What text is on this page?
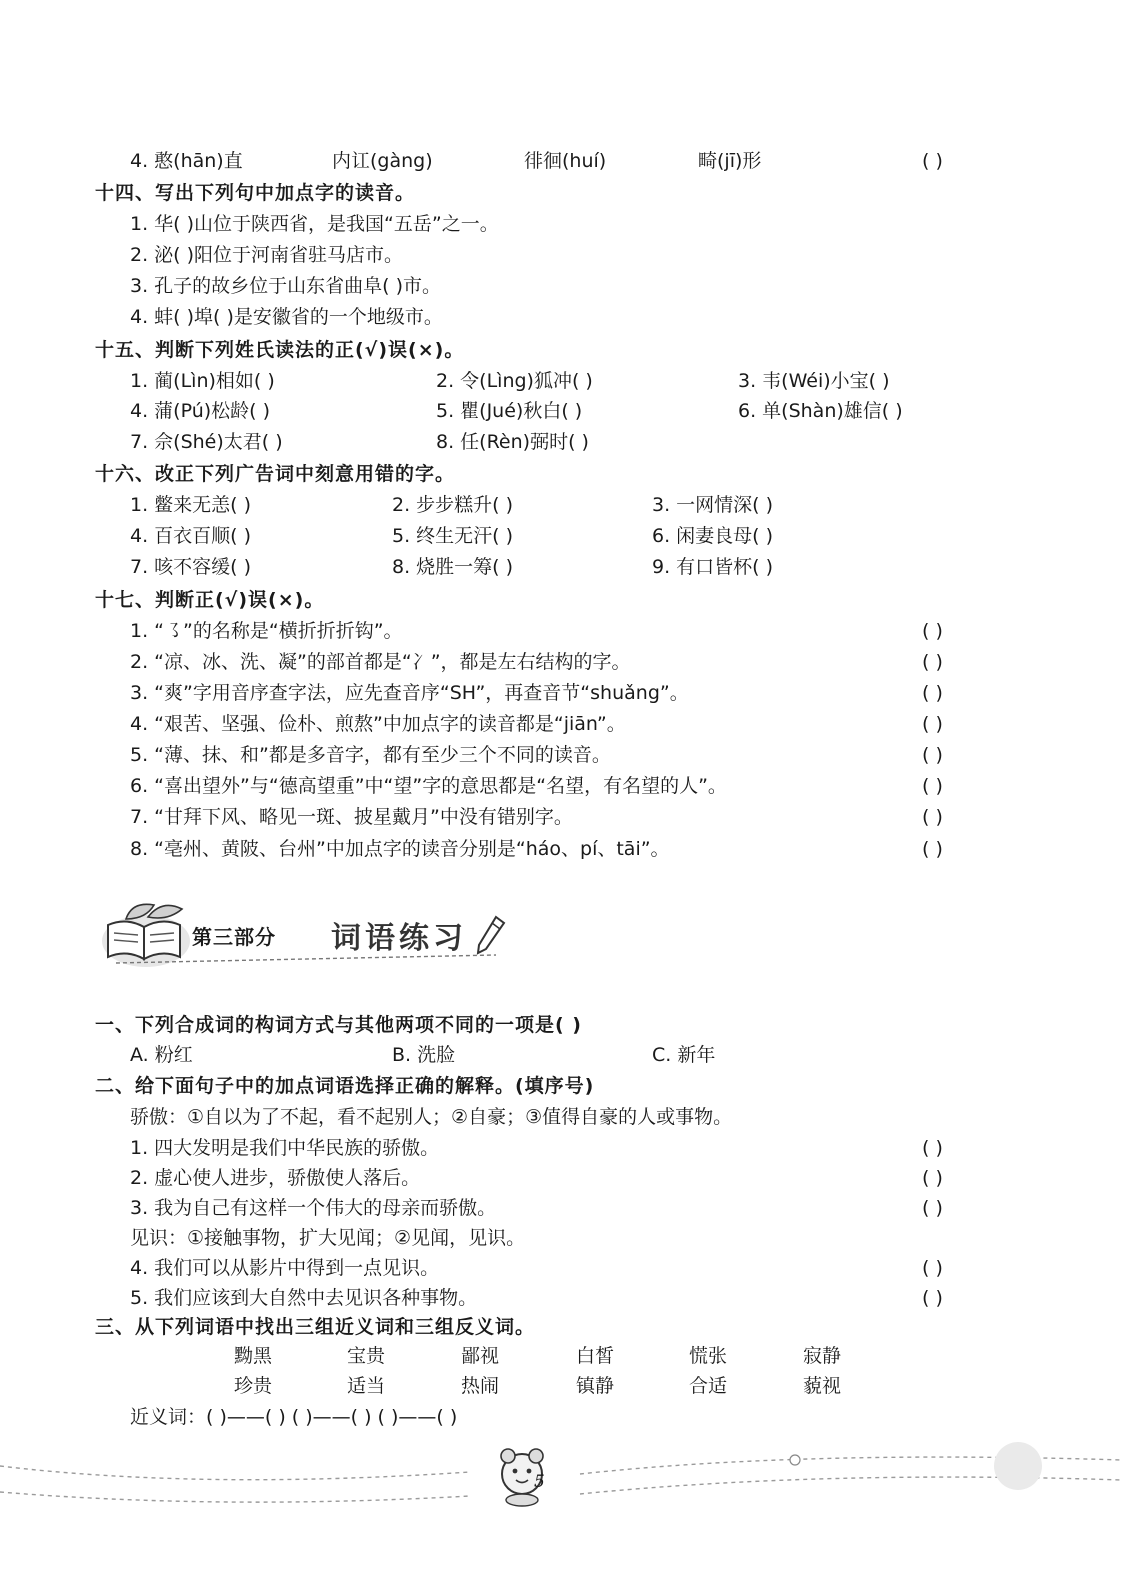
4. 憨(hān)直	内讧(gàng)	徘徊(huí)	畸(jī)形	( )
十四、写出下列句中加点字的读音。
1. 华( )山位于陕西省，是我国“五岳”之一。
2. 泌( )阳位于河南省驻马店市。
3. 孔子的故乡位于山东省曲阜( )市。
4. 蚌( )埠( )是安徽省的一个地级市。
十五、判断下列姓氏读法的正(√)误(×)。
1. 蔺(Lìn)相如( )	2. 令(Lìng)狐冲( )	3. 韦(Wéi)小宝( )
4. 蒲(Pú)松龄( )	5. 瞿(Jué)秋白( )	6. 单(Shàn)雄信( )
7. 佘(Shé)太君( )	8. 任(Rèn)弼时( )
十六、改正下列广告词中刻意用错的字。
1. 鳖来无恙( )	2. 步步糕升( )	3. 一网情深( )
4. 百衣百顺( )	5. 终生无汗( )	6. 闲妻良母( )
7. 咳不容缓( )	8. 烧胜一筹( )	9. 有口皆杯( )
十七、判断正(√)误(×)。
1. “㇌”的名称是“横折折折钩”。	( )
2. “凉、冰、洗、凝”的部首都是“冫”，都是左右结构的字。	( )
3. “爽”字用音序查字法，应先查音序“SH”，再查音节“shuǎng”。	( )
4. “艰苦、坚强、俭朴、煎熬”中加点字的读音都是“jiān”。	( )
5. “薄、抹、和”都是多音字，都有至少三个不同的读音。	( )
6. “喜出望外”与“德高望重”中“望”字的意思都是“名望，有名望的人”。	( )
7. “甘拜下风、略见一斑、披星戴月”中没有错别字。	( )
8. “亳州、黄陂、台州”中加点字的读音分别是“háo、pí、tāi”。	( )
第三部分 词语练习
一、下列合成词的构词方式与其他两项不同的一项是( )
A. 粉红	B. 洗脸	C. 新年
二、给下面句子中的加点词语选择正确的解释。(填序号)
骄傲：①自以为了不起，看不起别人；②自豪；③值得自豪的人或事物。
1. 四大发明是我们中华民族的骄傲。	( )
2. 虚心使人进步，骄傲使人落后。	( )
3. 我为自己有这样一个伟大的母亲而骄傲。	( )
见识：①接触事物，扩大见闻；②见闻，见识。
4. 我们可以从影片中得到一点见识。	( )
5. 我们应该到大自然中去见识各种事物。	( )
三、从下列词语中找出三组近义词和三组反义词。
黝黑	宝贵	鄙视	白皙	慌张	寂静
珍贵	适当	热闹	镇静	合适	藐视
近义词：( )——( ) ( )——( ) ( )——( )
5
